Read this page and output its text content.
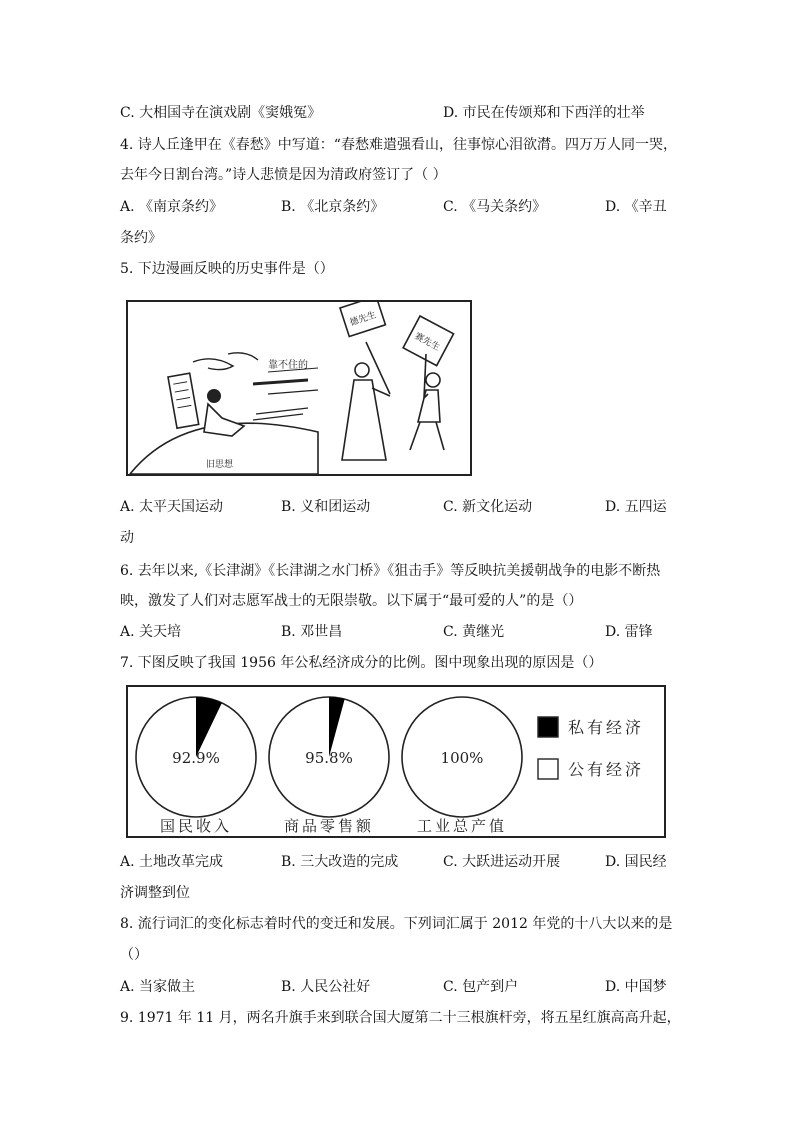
C. 大相国寺在演戏剧《窦娥冤》	D. 市民在传颂郑和下西洋的壮举
4. 诗人丘逢甲在《春愁》中写道：“春愁难遣强看山，往事惊心泪欲潸。四万万人同一哭，
去年今日割台湾。”诗人悲愤是因为清政府签订了（ ）
A. 《南京条约》	B. 《北京条约》	C. 《马关条约》	D. 《辛丑
条约》
5. 下边漫画反映的历史事件是（）
旧思想
靠不住的
德先生
赛先生
A. 太平天国运动	B. 义和团运动	C. 新文化运动	D. 五四运
动
6. 去年以来,《长津湖》《长津湖之水门桥》《狙击手》等反映抗美援朝战争的电影不断热
映，激发了人们对志愿军战士的无限崇敬。以下属于“最可爱的人”的是（）
A. 关天培	B. 邓世昌	C. 黄继光	D. 雷锋
7. 下图反映了我国 1956 年公私经济成分的比例。图中现象出现的原因是（）
92.9%
国民收入
95.8%
商品零售额
100%
工业总产值
私有经济
公有经济
A. 土地改革完成	B. 三大改造的完成	C. 大跃进运动开展	D. 国民经
济调整到位
8. 流行词汇的变化标志着时代的变迁和发展。下列词汇属于 2012 年党的十八大以来的是
（）
A. 当家做主	B. 人民公社好	C. 包产到户	D. 中国梦
9. 1971 年 11 月，两名升旗手来到联合国大厦第二十三根旗杆旁，将五星红旗高高升起，
